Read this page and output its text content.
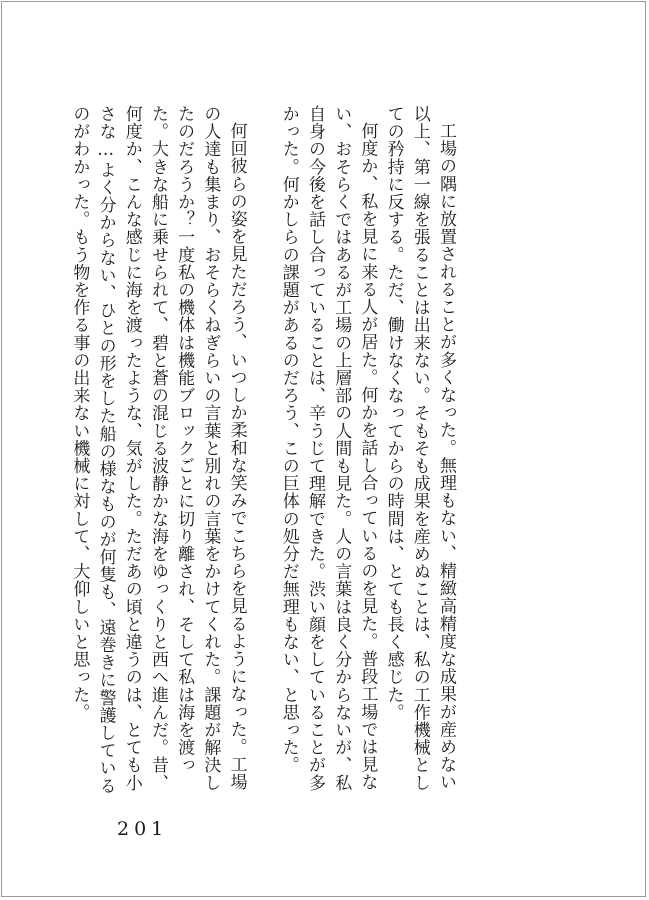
工場の隅に放置されることが多くなった。無理もない、精緻高精度な成果が産めない以上、第一線を張ることは出来ない。そもそも成果を産めぬことは、私の工作機械としての矜持に反する。ただ、働けなくなってからの時間は、とても長く感じた。

何度か、私を見に来る人が居た。何かを話し合っているのを見た。普段工場では見ない、おそらくではあるが工場の上層部の人間も見た。人の言葉は良く分からないが、私自身の今後を話し合っていることは、辛うじて理解できた。渋い顔をしていることが多かった。何かしらの課題があるのだろう、この巨体の処分だ無理もない、と思った。

何回彼らの姿を見ただろう、いつしか柔和な笑みでこちらを見るようになった。工場の人達も集まり、おそらくねぎらいの言葉と別れの言葉をかけてくれた。課題が解決したのだろうか？一度私の機体は機能ブロックごとに切り離され、そして私は海を渡った。大きな船に乗せられて、碧と蒼の混じる波静かな海をゆっくりと西へ進んだ。昔、何度か、こんな感じに海を渡ったような、気がした。ただあの頃と違うのは、とても小さな…よく分からない、ひとの形をした船の様なものが何隻も、遠巻きに警護しているのがわかった。もう物を作る事の出来ない機械に対して、大仰しいと思った。

201
